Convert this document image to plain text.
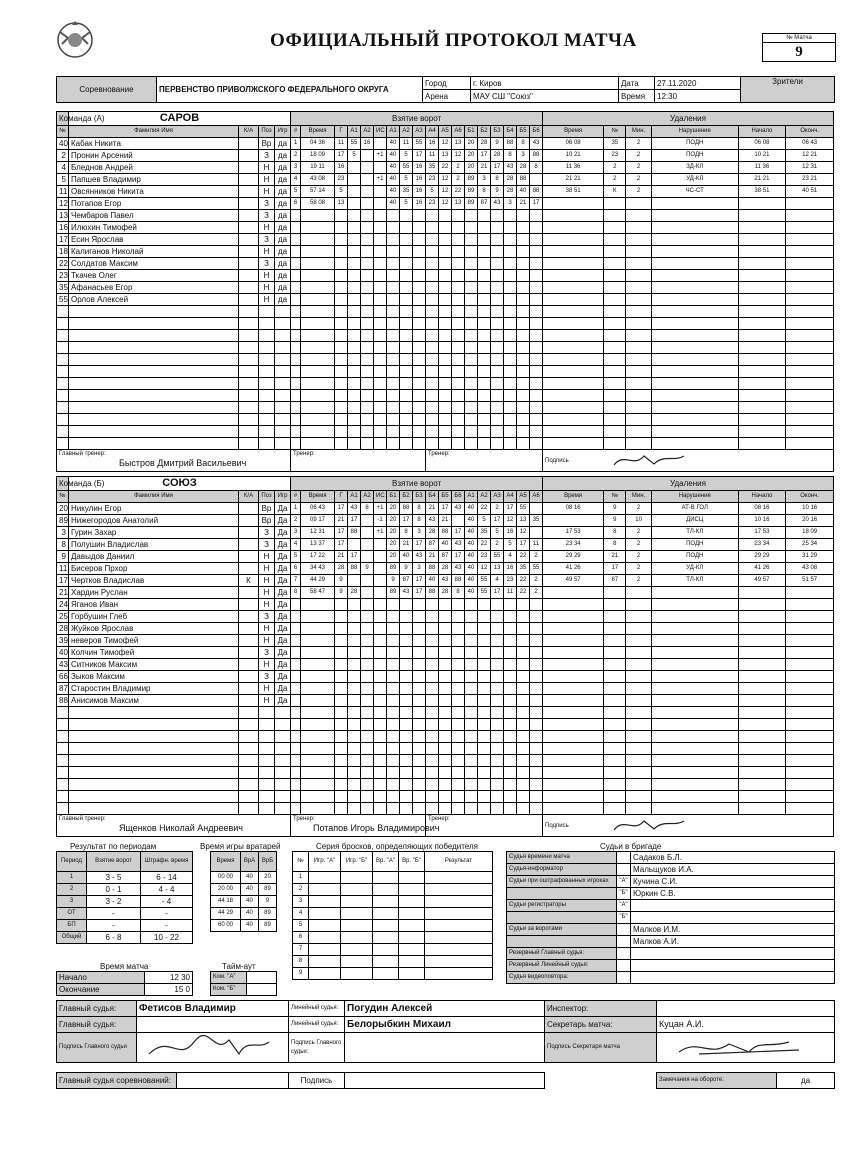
ОФИЦИАЛЬНЫЙ ПРОТОКОЛ МАТЧА	№ Матча
9
Соревнование	ПЕРВЕНСТВО ПРИВОЛЖСКОГО ФЕДЕРАЛЬНОГО ОКРУГА	Город	г. Киров	Дата	27.11.2020	Зрители
		Арена	МАУ СШ "Союз"	Время	12:30	
Команда (А)	САРОВ			
№	Фамилия Имя	К/А	Поз	Игр
40	Кабак Никита		Вр	да
2	Пронин Арсений		З	да
4	Бледнов Андрей		Н	да
5	Папшев Владимир		Н	да
11	Овсянников Никита		Н	да
12	Потапов Егор		З	да
13	Чембаров Павел		З	да
16	Илюхин Тимофей		Н	да
17	Есин Ярослав		З	да
18	Калиганов Николай		Н	да
22	Солдатов Максим		З	да
23	Ткачев Олег		Н	да
35	Афанасьев Егор		Н	да
55	Орлов Алексей		Н	да

Главный тренер:
Быстров Дмитрий Васильевич				
Взятие ворот																	
#	Время	Г	А1	А2	ИС	А1	А2	А3	А4	А5	А6	Б1	Б2	Б3	Б4	Б5	Б6
1	04 36	11	55	16		40	11	55	16	12	13	20	28	9	88	8	43
2	18 09	17	5		+1	40	5	17	11	13	12	20	17	28	8	3	88
3	19 11	16				40	55	16	35	22	2	20	21	17	43	28	8
4	43 08	23			+1	40	5	16	23	12	2	89	3	8	28	88	
5	57 14	5				40	35	16	5	12	22	89	8	9	28	40	88
6	58 08	13				40	5	16	23	12	13	89	87	43	3	21	17

Тренер:									Тренер:								
Удаления					
Время	№	Мин.	Нарушение	Начало	Оконч.
06 08	35	2	ПОДН	06 08	06 43
10 21	23	2	ПОДН	10 21	12 21
11 36	2	2	ЗД-КЛ	11 36	12 31
21 21	2	2	УД-КЛ	21 21	23 21
38 51	К	2	ЧС-СТ	38 51	40 51

Подпись					
Команда (Б)	СОЮЗ			
№	Фамилия Имя	К/А	Поз	Игр
20	Никулин Егор		Вр	Да
89	Нижегородов Анатолий		Вр	Да
3	Гурин Захар		З	Да
8	Полушин Владислав		З	Да
9	Давыдов Даниил		Н	Да
11	Бисеров Прхор		Н	Да
17	Чертков Владислав	К	Н	Да
21	Хардин Руслан		Н	Да
24	Яганов Иван		Н	Да
25	Горбушин Глеб		З	Да
28	Жуйков Ярослав		Н	Да
39	неверов Тимофей		Н	Да
40	Колчин Тимофей		З	Да
43	Ситников Максим		Н	Да
66	Зыков Максим		З	Да
87	Старостин Владимир		Н	Да
88	Анисимов Максим		Н	Да

Главный тренер:
Ященков Николай Андреевич				
Взятие ворот																	
#	Время	Г	А1	А2	ИС	Б1	Б2	Б3	Б4	Б5	Б6	А1	А2	А3	А4	А5	А6
1	06 43	17	43	8	+1	20	88	8	21	17	43	40	22	2	17	55	
2	09 17	21	17		-1	20	17	8	43	21		40	5	17	12	13	35
3	12 31	17	88		+1	20	8	3	28	88	17	40	35	5	16	12	
4	13 37	17				20	21	17	87	40	43	40	22	2	5	17	11
5	17 22	21	17			20	40	43	21	87	17	40	23	55	4	22	2
6	34 43	28	88	9		89	9	3	88	28	43	40	12	13	16	35	55
7	44 29	9				9	87	17	40	43	88	40	55	4	23	22	2
8	58 47	9	28			89	43	17	88	28	8	40	55	17	11	22	2

Тренер:
Потапов Игорь Владимирович									Тренер:								
Удаления					
Время	№	Мин.	Нарушение	Начало	Оконч.
08 16	9	2	АТ-В ГОЛ	08 16	10 16
	9	10	ДИСЦ	10 16	20 16
17 53	8	2	ТЛ-КЛ	17 53	18 09
23 34	8	2	ПОДН	23 34	25 34
29 29	21	2	ПОДН	29 29	31 29
41 26	17	2	УД-КЛ	41 26	43 08
49 57	87	2	ТЛ-КЛ	49 57	51 57

Подпись					
Результат по периодам
Период	Взятие ворот	Штрафн. время
1	3 - 5	6 - 14
2	0 - 1	4 - 4
3	3 - 2	- 4
ОТ	-	-
БП	-	-
Общий	6 - 8	10 - 22
Время игры вратарей
Время	ВрА	ВрБ
00 00	40	20
20 00	40	89
44 18	40	9
44 29	40	89
60 00	40	89
Серия бросков, определяющих победителя
№	Игр. "А"	Игр. "Б"	Вр. "А"	Вр. "Б"	Результат
1					
2					
3					
4					
5					
6					
7					
8					
9					
Судьи в бригаде
Судья времени матча		Садаков Б.Л.
Судья-информатор		Мальщуков И.А.
Судьи при оштрафованных игроках	"А"	Кучина С.И.
	"Б"	Юркин С.В.
Судьи регистраторы	"А"	
	"Б"	
Судьи за воротами		Малков И.М.
		Малков А.И.
Резервный Главный судья:		
Резервный Линейный судья:		
Судья видеоповтора:		
Время матча
Начало	12 30
Окончание	15 0
Тайм-аут
Ком. "А"	
Ком. "Б"	
Главный судья:	Фетисов Владимир	Линейный судья:	Погудин Алексей	Инспектор:	
Главный судья:		Линейный судья:	Белорыбкин Михаил	Секретарь матча:	Куцан А.И.
Подпись Главного судьи		Подпись Главного судьи:		Подпись Секретаря матча	
Главный судья соревнований:		Подпись			Замечания на обороте:	да
